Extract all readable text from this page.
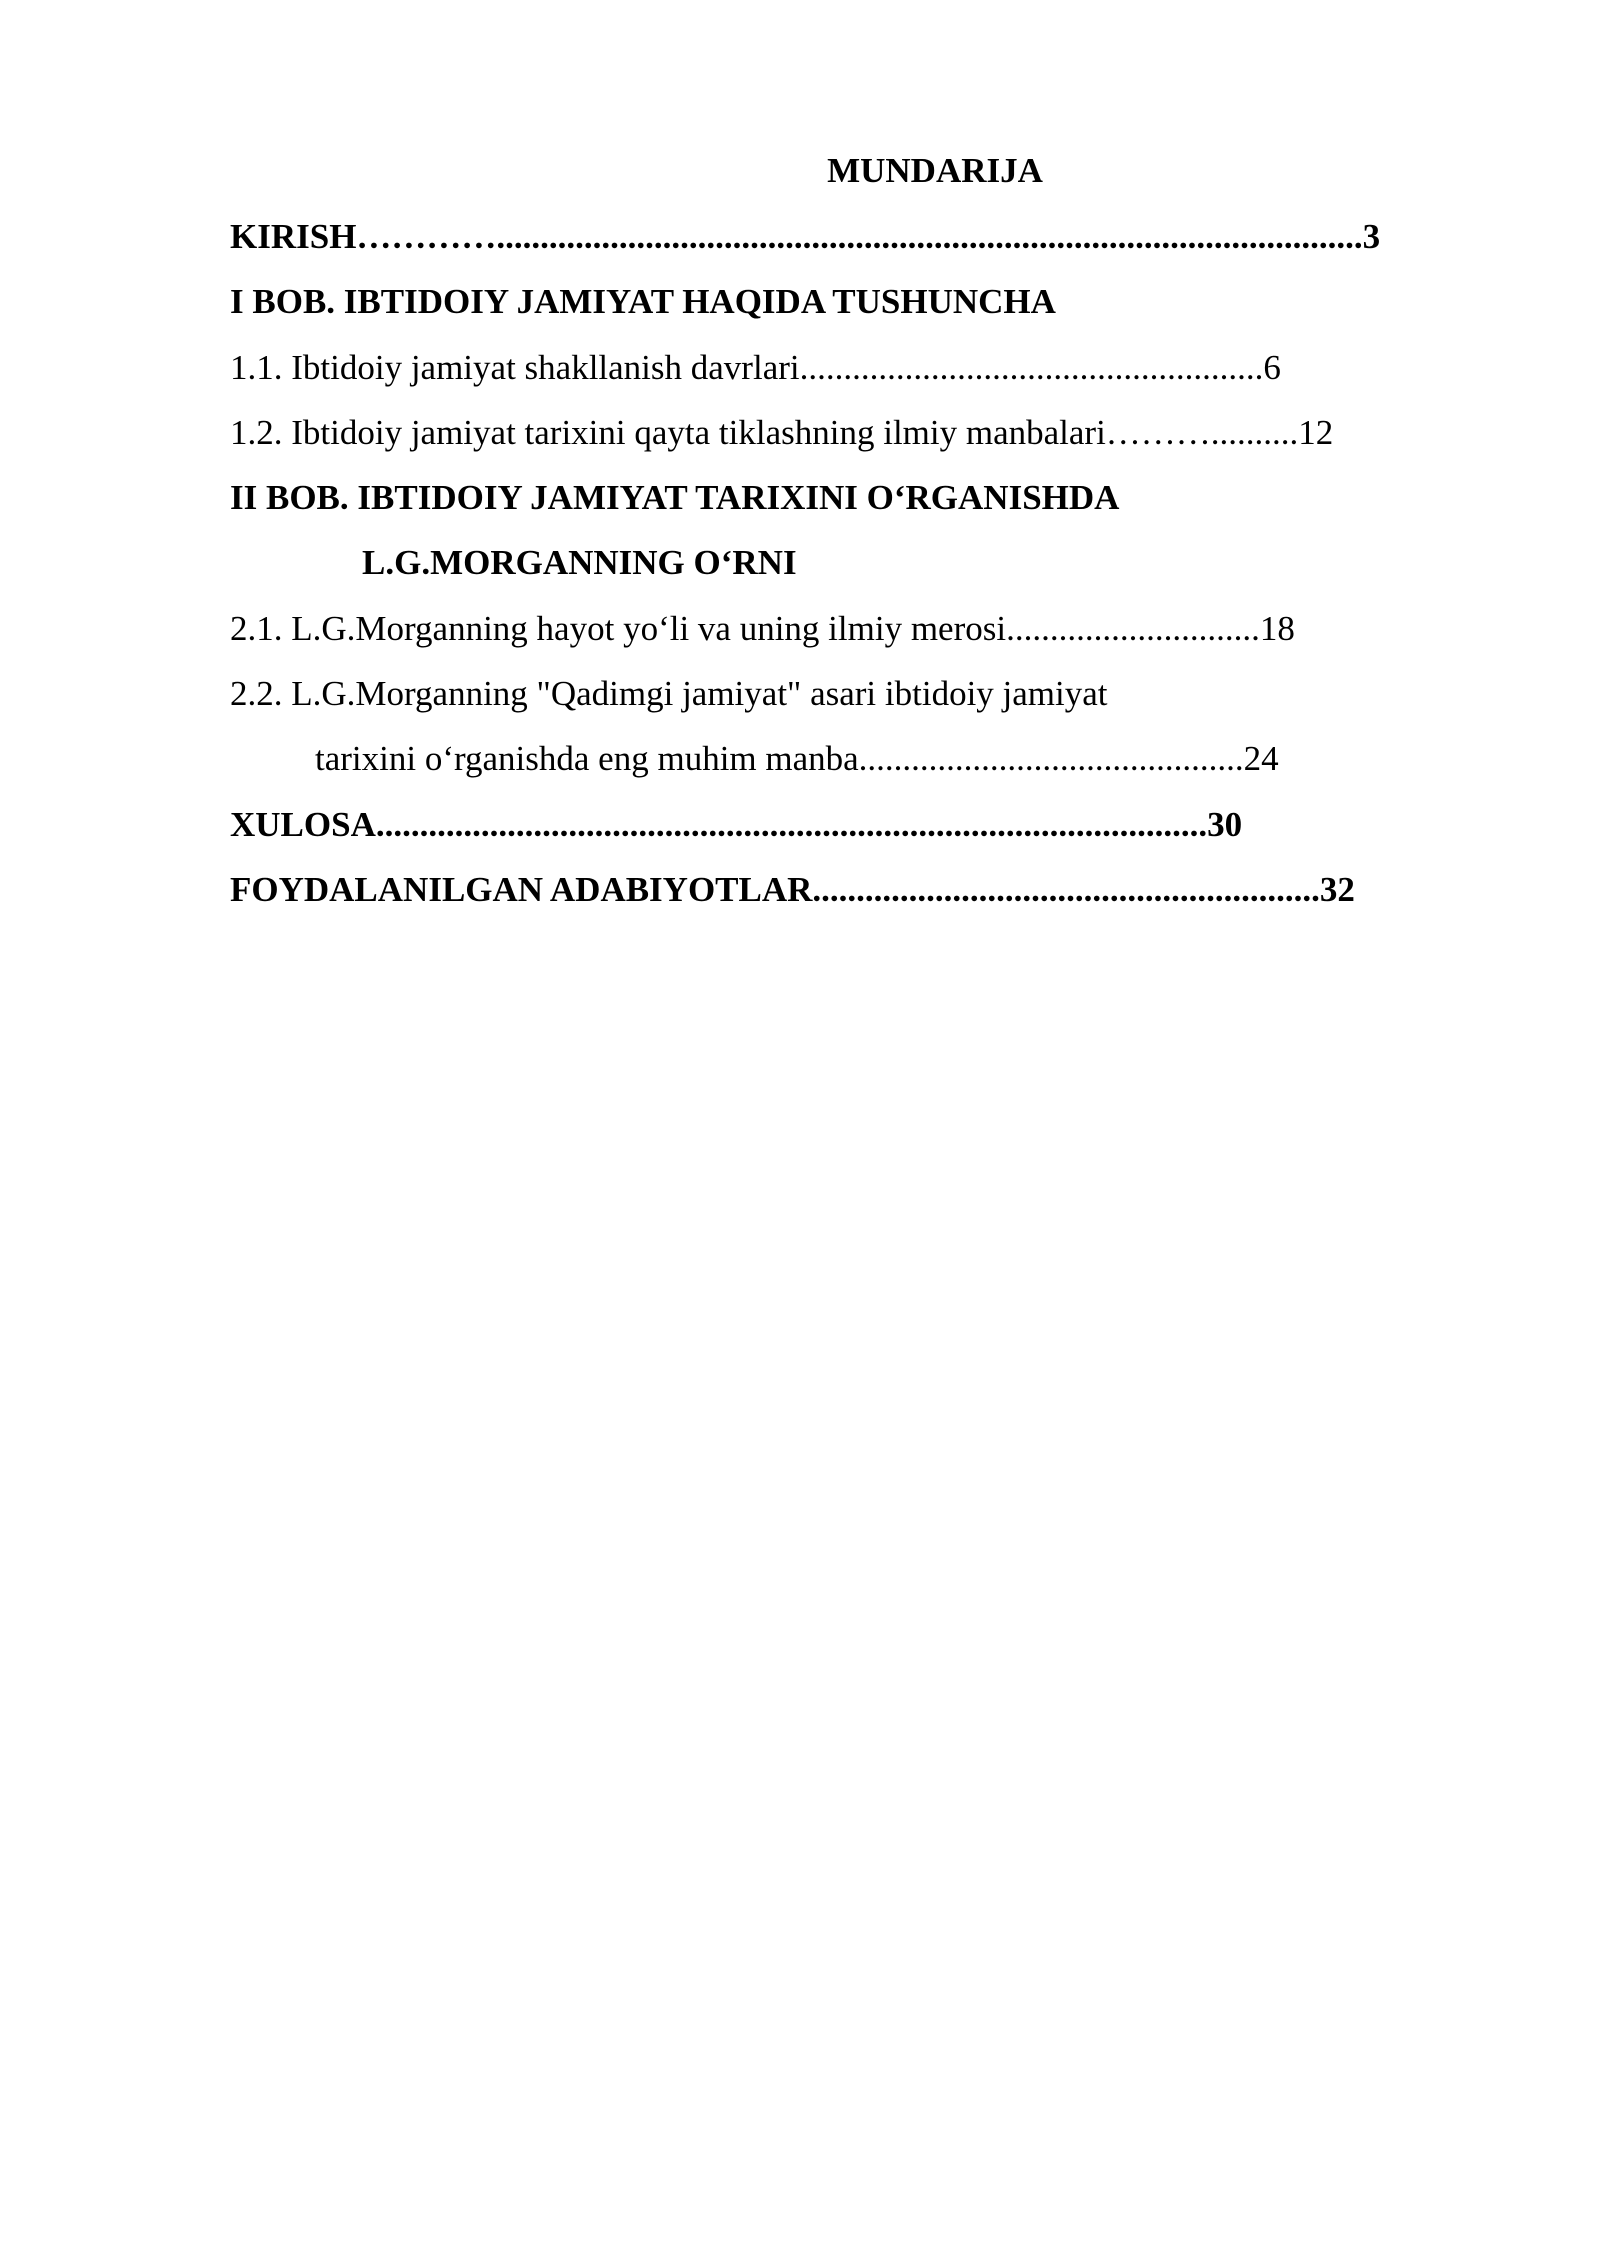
MUNDARIJA
KIRISH…………...................................................................................................3
I BOB. IBTIDOIY JAMIYAT HAQIDA TUSHUNCHA
1.1. Ibtidoiy jamiyat shakllanish davrlari.....................................................6
1.2. Ibtidoiy jamiyat tarixini qayta tiklashning ilmiy manbalari………..........12
II BOB. IBTIDOIY JAMIYAT TARIXINI O‘RGANISHDA
L.G.MORGANNING O‘RNI
2.1. L.G.Morganning hayot yo‘li va uning ilmiy merosi.............................18
2.2. L.G.Morganning "Qadimgi jamiyat" asari ibtidoiy jamiyat
tarixini o‘rganishda eng muhim manba............................................24
XULOSA...............................................................................................30
FOYDALANILGAN ADABIYOTLAR..........................................................32
